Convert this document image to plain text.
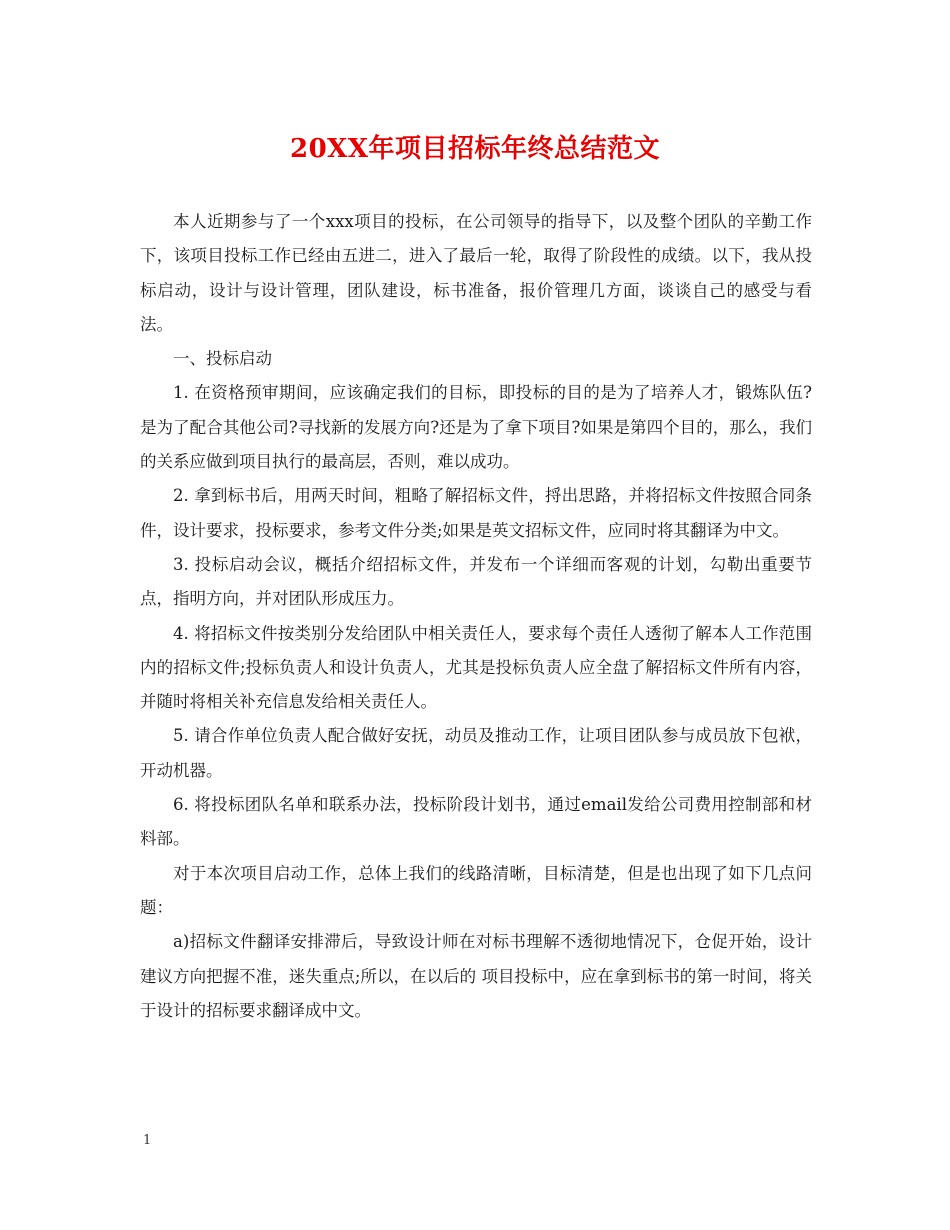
20XX年项目招标年终总结范文

本人近期参与了一个xxx项目的投标，在公司领导的指导下，以及整个团队的辛勤工作下，该项目投标工作已经由五进二，进入了最后一轮，取得了阶段性的成绩。以下，我从投标启动，设计与设计管理，团队建设，标书准备，报价管理几方面，谈谈自己的感受与看法。

一、投标启动

1. 在资格预审期间，应该确定我们的目标，即投标的目的是为了培养人才，锻炼队伍?是为了配合其他公司?寻找新的发展方向?还是为了拿下项目?如果是第四个目的，那么，我们的关系应做到项目执行的最高层，否则，难以成功。

2. 拿到标书后，用两天时间，粗略了解招标文件，捋出思路，并将招标文件按照合同条件，设计要求，投标要求，参考文件分类;如果是英文招标文件，应同时将其翻译为中文。

3. 投标启动会议，概括介绍招标文件，并发布一个详细而客观的计划，勾勒出重要节点，指明方向，并对团队形成压力。

4. 将招标文件按类别分发给团队中相关责任人，要求每个责任人透彻了解本人工作范围内的招标文件;投标负责人和设计负责人，尤其是投标负责人应全盘了解招标文件所有内容，并随时将相关补充信息发给相关责任人。

5. 请合作单位负责人配合做好安抚，动员及推动工作，让项目团队参与成员放下包袱，开动机器。

6. 将投标团队名单和联系办法，投标阶段计划书，通过email发给公司费用控制部和材料部。

对于本次项目启动工作，总体上我们的线路清晰，目标清楚，但是也出现了如下几点问题：

a)招标文件翻译安排滞后，导致设计师在对标书理解不透彻地情况下，仓促开始，设计建议方向把握不准，迷失重点;所以，在以后的 项目投标中，应在拿到标书的第一时间，将关于设计的招标要求翻译成中文。

1
